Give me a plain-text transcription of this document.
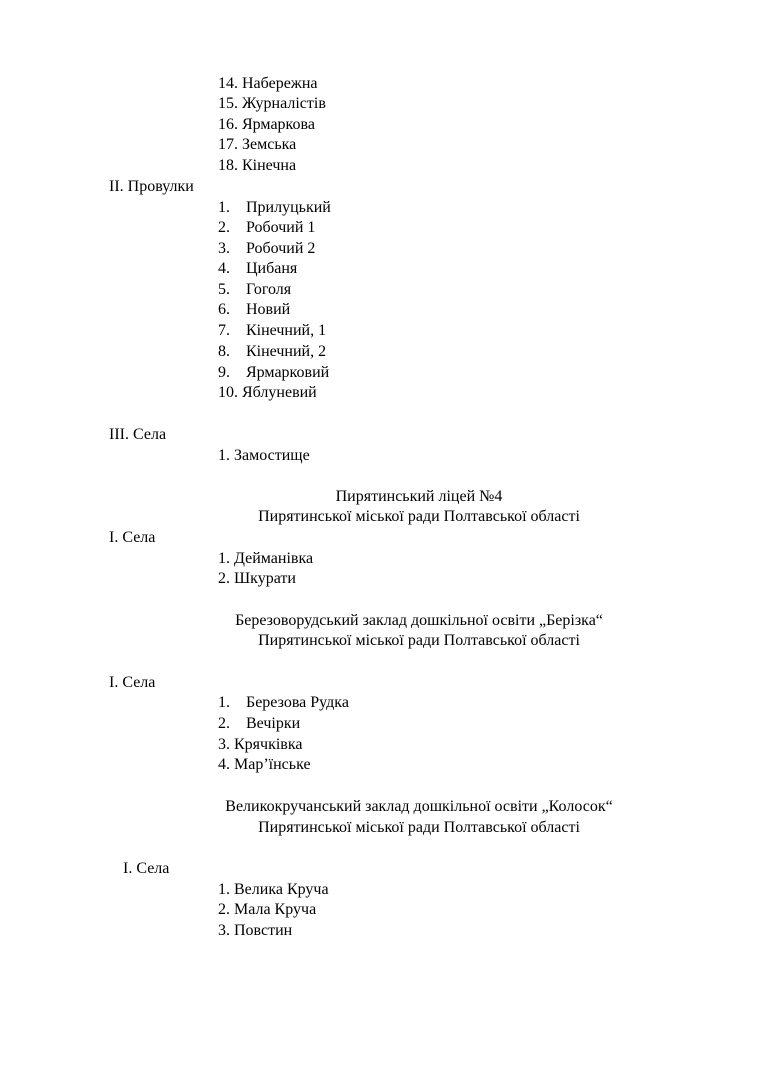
14. Набережна
15. Журналістів
16. Ярмаркова
17. Земська
18. Кінечна
II. Провулки
1. Прилуцький
2. Робочий 1
3. Робочий 2
4. Цибаня
5. Гоголя
6. Новий
7. Кінечний, 1
8. Кінечний, 2
9. Ярмарковий
10. Яблуневий
III. Села
1. Замостище
Пирятинський ліцей №4
Пирятинської міської ради Полтавської області
I. Села
1. Дейманівка
2. Шкурати
Березоворудський заклад дошкільної освіти „Берізка“
Пирятинської міської ради Полтавської області
I. Села
1. Березова Рудка
2. Вечірки
3. Крячківка
4. Мар’їнське
Великокручанський заклад дошкільної освіти „Колосок“
Пирятинської міської ради Полтавської області
I. Села
1. Велика Круча
2. Мала Круча
3. Повстин
